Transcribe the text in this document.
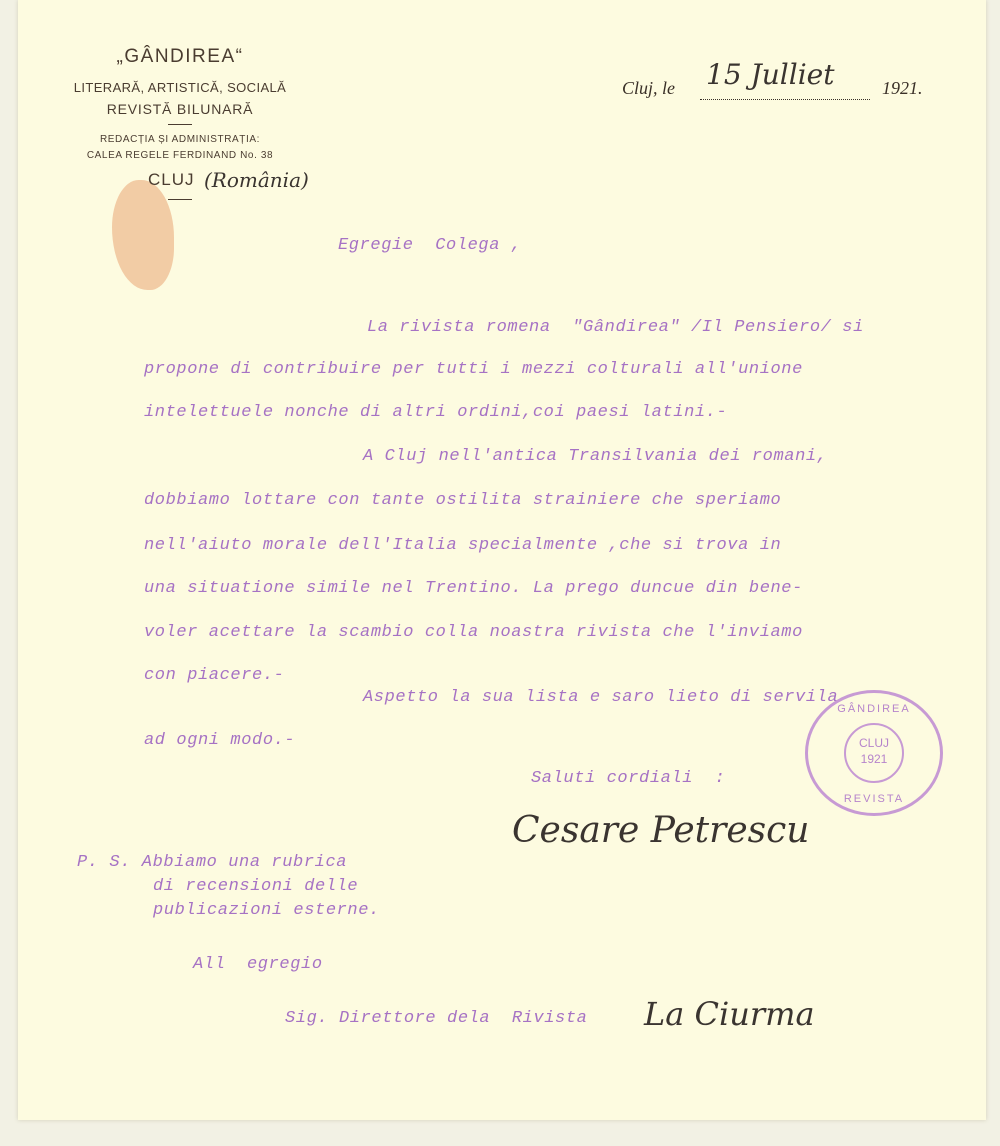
„GÂNDIREA“
LITERARĂ, ARTISTICĂ, SOCIALĂ
REVISTĂ BILUNARĂ
REDACȚIA ȘI ADMINISTRAȚIA:
CALEA REGELE FERDINAND No. 38
CLUJ (România)
Cluj, le 15 Julliet	1921.
Egregie  Colega ,
La rivista romena  "Gândirea" /Il Pensiero/ si
propone di contribuire per tutti i mezzi colturali all'unione
intelettuele nonche di altri ordini,coi paesi latini.-
A Cluj nell'antica Transilvania dei romani,
dobbiamo lottare con tante ostilita strainiere che speriamo
nell'aiuto morale dell'Italia specialmente ,che si trova in
una situatione simile nel Trentino. La prego duncue din bene-
voler acettare la scambio colla noastra rivista che l'inviamo
con piacere.-
Aspetto la sua lista e saro lieto di servila
ad ogni modo.-
GÂNDIREA
CLUJ
1921
REVISTA
Saluti cordiali  :
Cesare Petrescu
P. S. Abbiamo una rubrica
di recensioni delle
publicazioni esterne.
All  egregio
Sig. Direttore dela  Rivista La Ciurma
